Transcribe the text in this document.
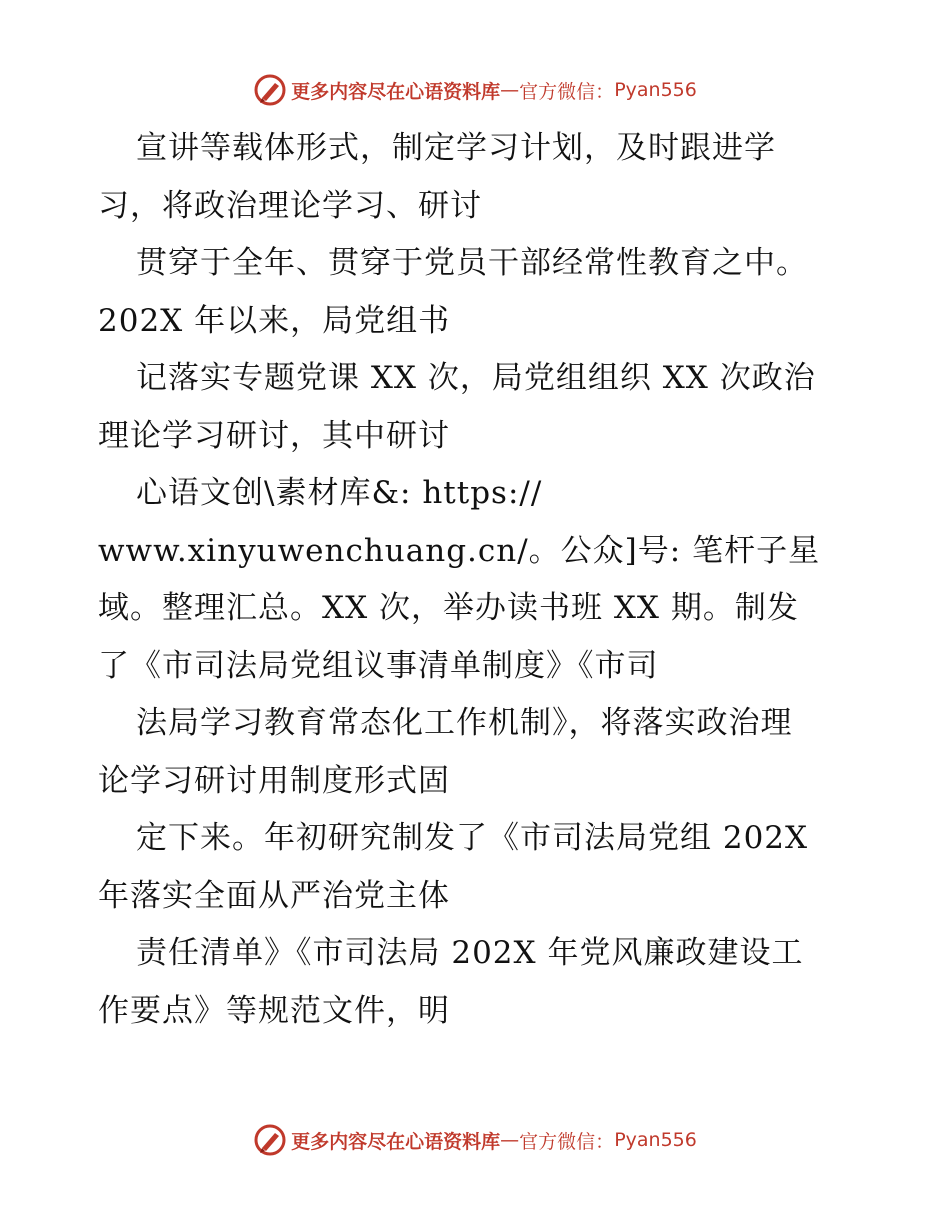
更多内容尽在心语资料库 — 官方微信： Pyan556
宣讲等载体形式，制定学习计划，及时跟进学
习，将政治理论学习、研讨
贯穿于全年、贯穿于党员干部经常性教育之中。
202X 年以来，局党组书
记落实专题党课 XX 次，局党组组织 XX 次政治
理论学习研讨，其中研讨
心语文创\素材库&: https://
www.xinyuwenchuang.cn/。公众]号: 笔杆子星
域。整理汇总。XX 次，举办读书班 XX 期。制发
了《市司法局党组议事清单制度》《市司
法局学习教育常态化工作机制》，将落实政治理
论学习研讨用制度形式固
定下来。年初研究制发了《市司法局党组 202X
年落实全面从严治党主体
责任清单》《市司法局 202X 年党风廉政建设工
作要点》等规范文件，明
更多内容尽在心语资料库 — 官方微信： Pyan556
